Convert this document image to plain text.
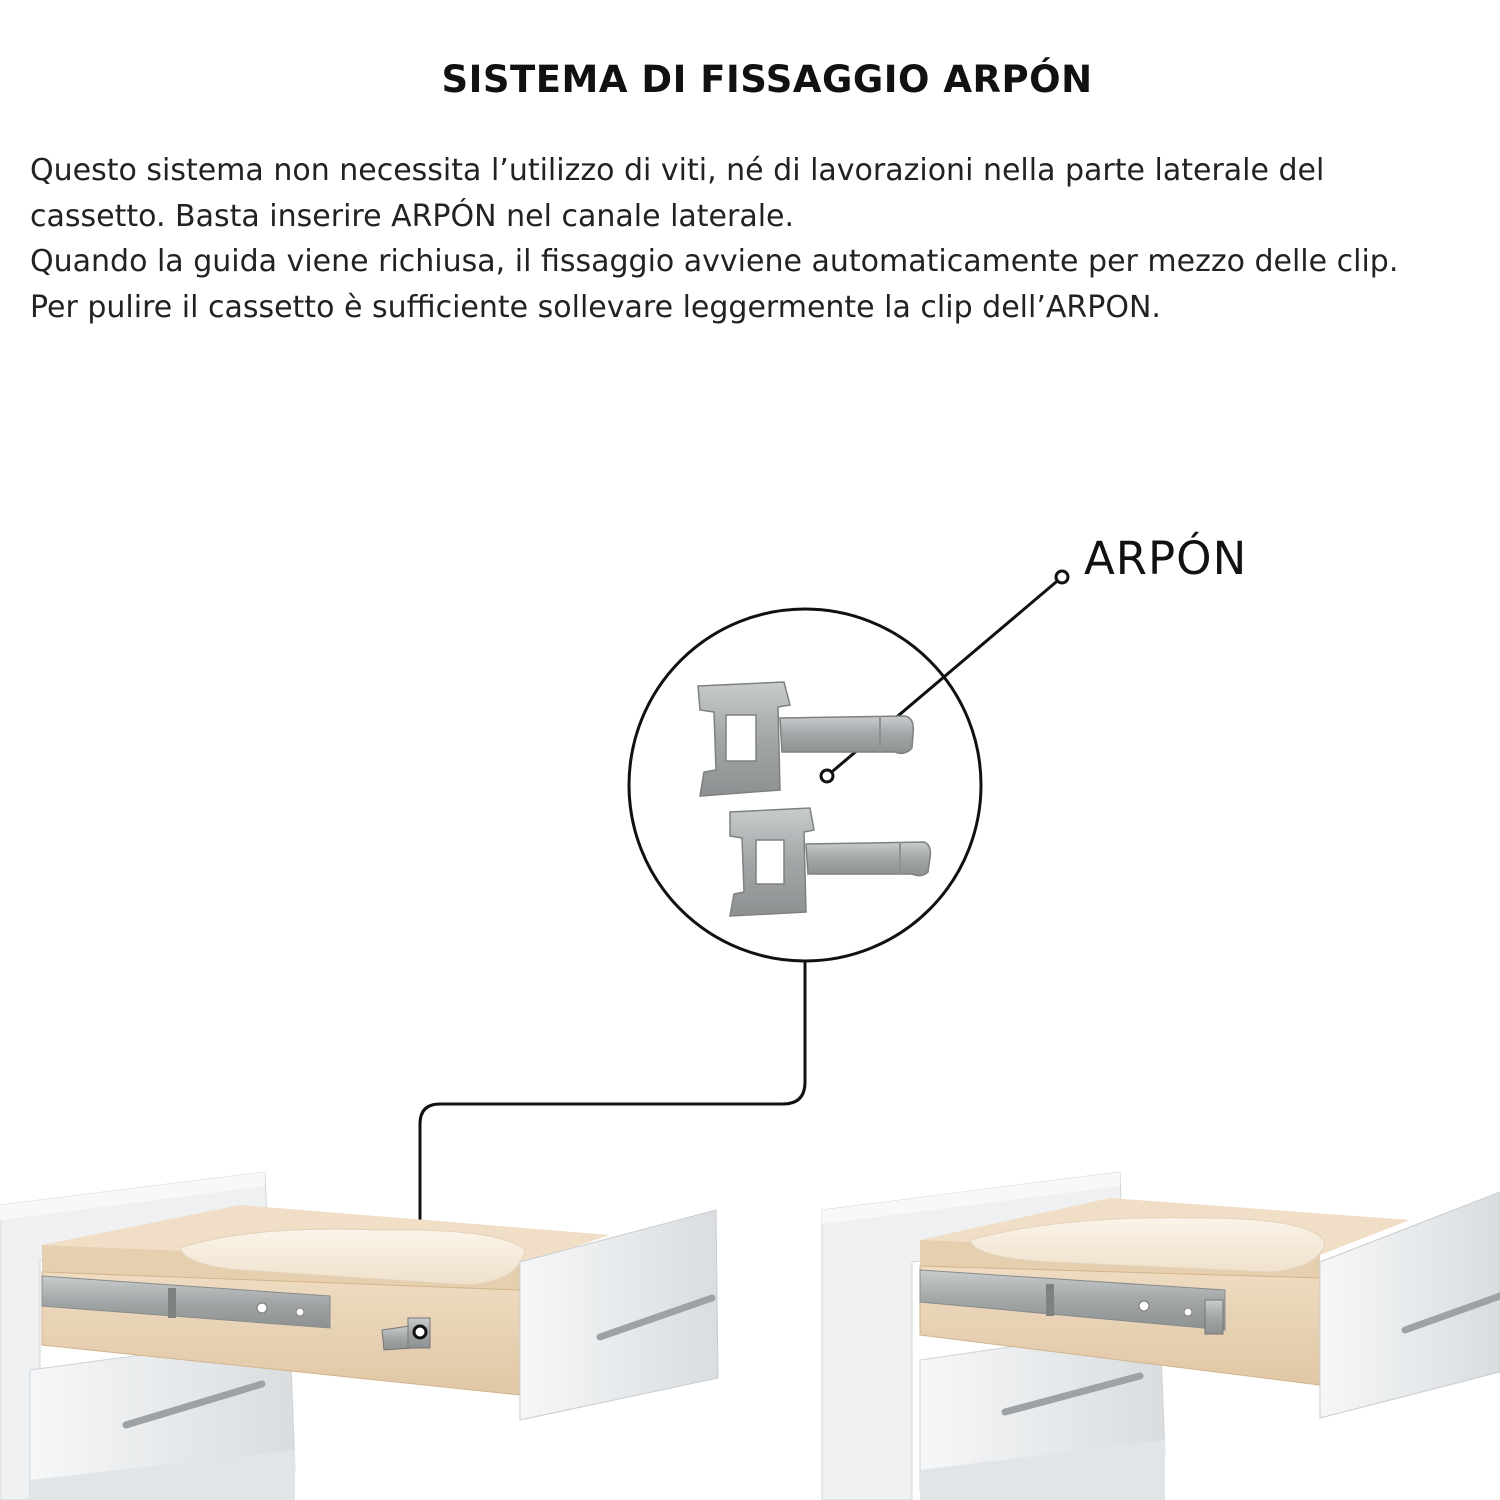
SISTEMA DI FISSAGGIO ARPÓN

Questo sistema non necessita l’utilizzo di viti, né di lavorazioni nella parte laterale del

cassetto. Basta inserire ARPÓN nel canale laterale.

Quando la guida viene richiusa, il fissaggio avviene automaticamente per mezzo delle clip.

Per pulire il cassetto è sufficiente sollevare leggermente la clip dell’ARPON.

ARPÓN
